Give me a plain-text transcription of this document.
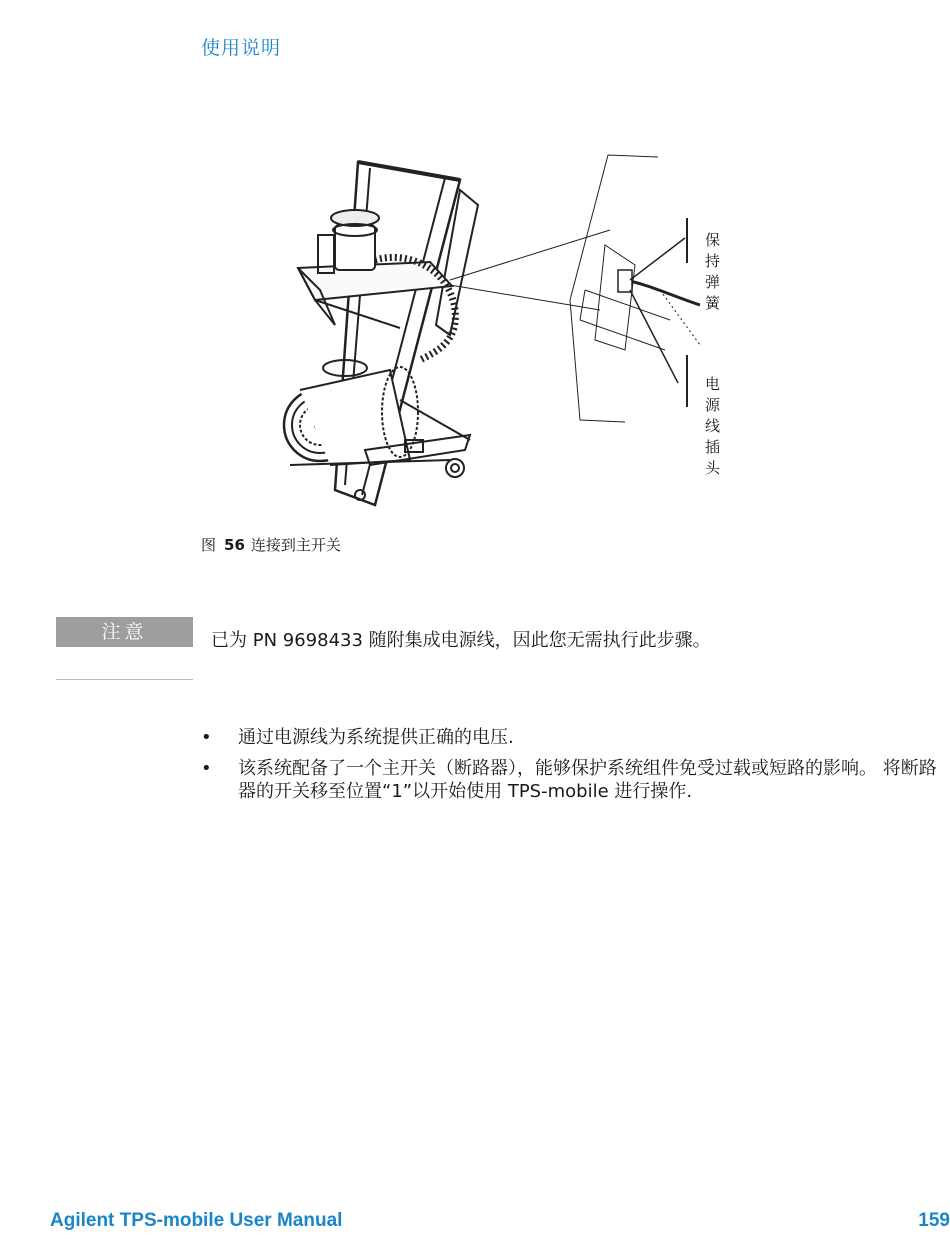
使用说明
保持弹簧
电源线插头
图 56 连接到主开关
注意	已为 PN 9698433 随附集成电源线，因此您无需执行此步骤。
• 通过电源线为系统提供正确的电压.
• 该系统配备了一个主开关（断路器），能够保护系统组件免受过载或短路的影响。 将断路器的开关移至位置“1”以开始使用 TPS-mobile 进行操作.
Agilent TPS-mobile User Manual	159
